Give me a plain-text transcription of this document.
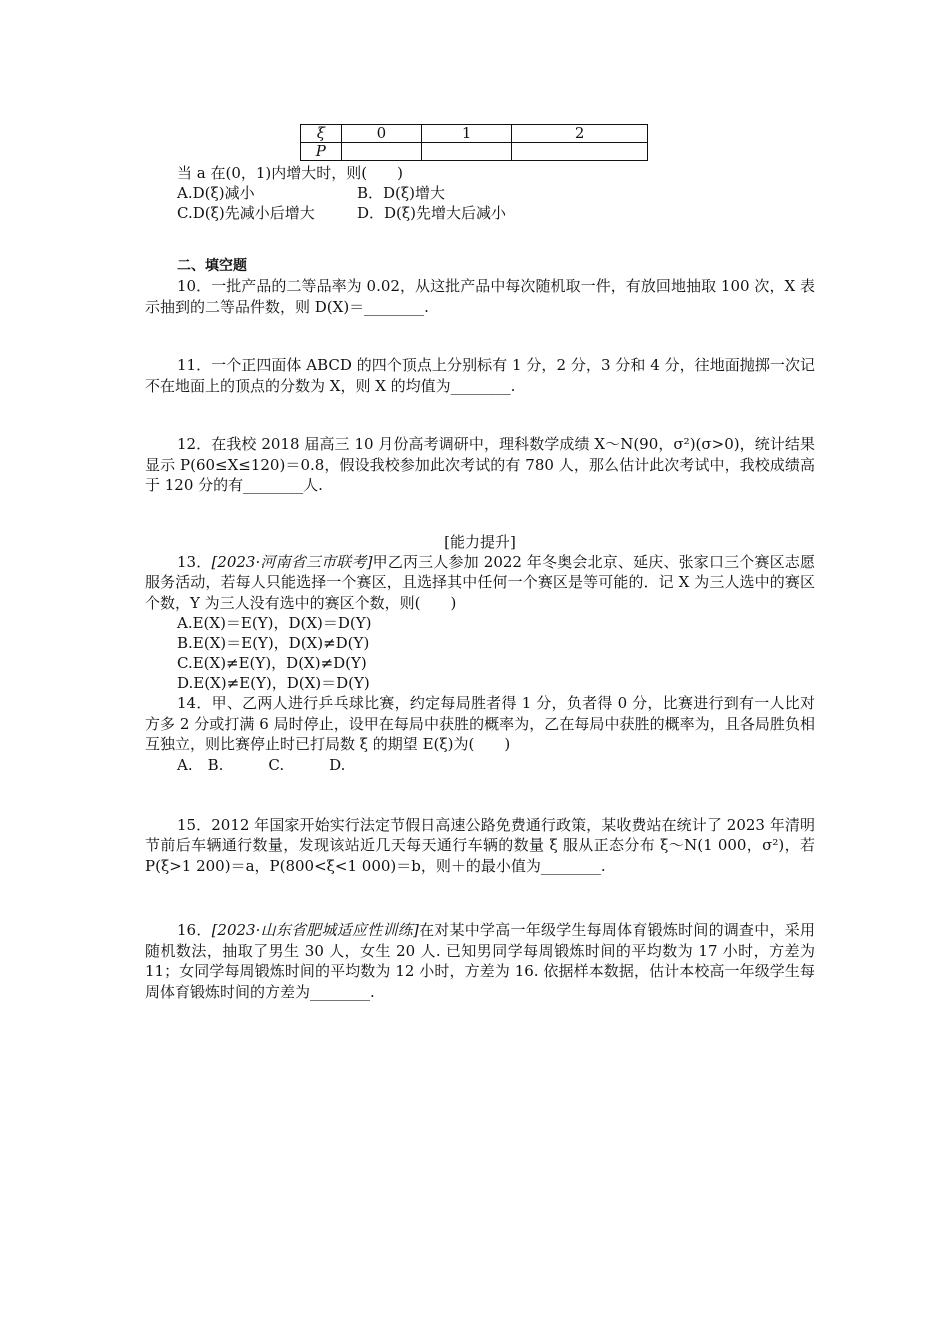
ξ	0	1	2
P			
当 a 在(0，1)内增大时，则(　　)
A.D(ξ)减小	B．D(ξ)增大
C.D(ξ)先减小后增大	D．D(ξ)先增大后减小
二、填空题

10．一批产品的二等品率为 0.02，从这批产品中每次随机取一件，有放回地抽取 100 次，X 表示抽到的二等品件数，则 D(X)＝________.

11．一个正四面体 ABCD 的四个顶点上分别标有 1 分，2 分，3 分和 4 分，往地面抛掷一次记不在地面上的顶点的分数为 X，则 X 的均值为________.

12．在我校 2018 届高三 10 月份高考调研中，理科数学成绩 X～N(90，σ²)(σ>0)，统计结果显示 P(60≤X≤120)＝0.8，假设我校参加此次考试的有 780 人，那么估计此次考试中，我校成绩高于 120 分的有________人.

[能力提升]

13．[2023·河南省三市联考]甲乙丙三人参加 2022 年冬奥会北京、延庆、张家口三个赛区志愿服务活动，若每人只能选择一个赛区，且选择其中任何一个赛区是等可能的．记 X 为三人选中的赛区个数，Y 为三人没有选中的赛区个数，则(　　)

A.E(X)＝E(Y)，D(X)＝D(Y)
B.E(X)＝E(Y)，D(X)≠D(Y)
C.E(X)≠E(Y)，D(X)≠D(Y)
D.E(X)≠E(Y)，D(X)＝D(Y)

14．甲、乙两人进行乒乓球比赛，约定每局胜者得 1 分，负者得 0 分，比赛进行到有一人比对方多 2 分或打满 6 局时停止，设甲在每局中获胜的概率为，乙在每局中获胜的概率为，且各局胜负相互独立，则比赛停止时已打局数 ξ 的期望 E(ξ)为(　　)

A.　B.　　　C.　　　D.

15．2012 年国家开始实行法定节假日高速公路免费通行政策，某收费站在统计了 2023 年清明节前后车辆通行数量，发现该站近几天每天通行车辆的数量 ξ 服从正态分布 ξ～N(1 000，σ²)，若 P(ξ>1 200)＝a，P(800<ξ<1 000)＝b，则＋的最小值为________.

16．[2023·山东省肥城适应性训练]在对某中学高一年级学生每周体育锻炼时间的调查中，采用随机数法，抽取了男生 30 人，女生 20 人. 已知男同学每周锻炼时间的平均数为 17 小时，方差为 11；女同学每周锻炼时间的平均数为 12 小时，方差为 16. 依据样本数据，估计本校高一年级学生每周体育锻炼时间的方差为________.
